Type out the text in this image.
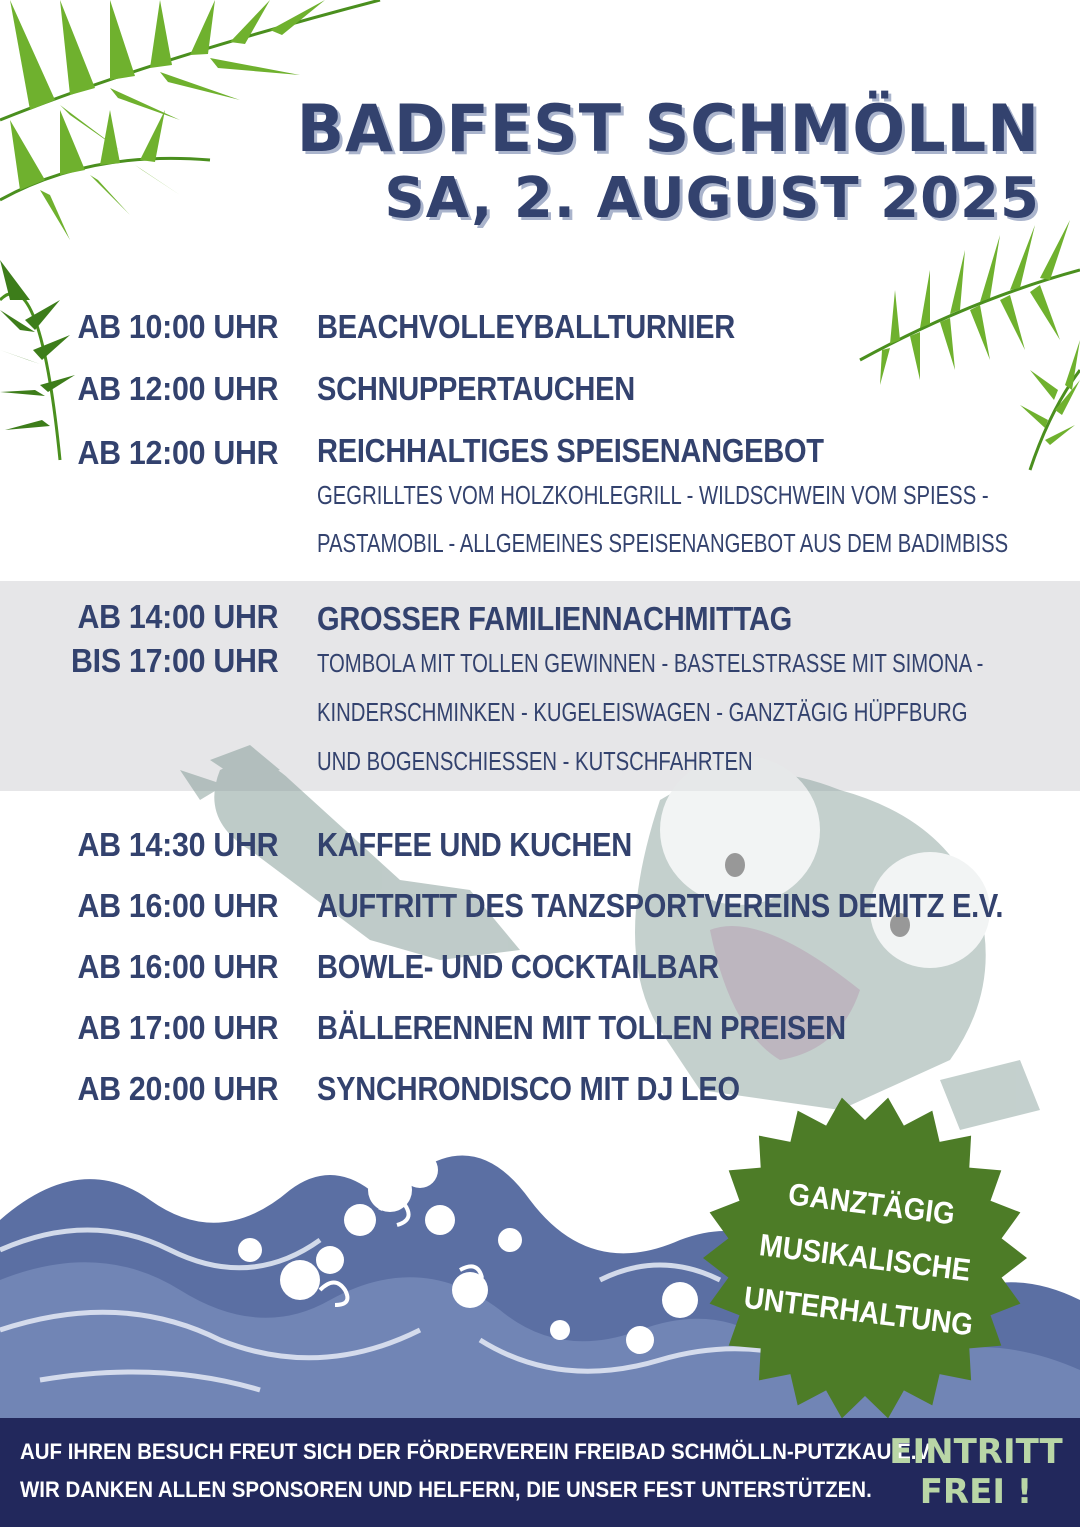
BADFEST SCHMÖLLN
SA, 2. AUGUST 2025
AB 10:00 UHR BEACHVOLLEYBALLTURNIER
AB 12:00 UHR SCHNUPPERTAUCHEN
AB 12:00 UHR REICHHALTIGES SPEISENANGEBOT
GEGRILLTES VOM HOLZKOHLEGRILL - WILDSCHWEIN VOM SPIESS -
PASTAMOBIL - ALLGEMEINES SPEISENANGEBOT AUS DEM BADIMBISS
AB 14:00 UHR
BIS 17:00 UHR
GROSSER FAMILIENNACHMITTAG
TOMBOLA MIT TOLLEN GEWINNEN - BASTELSTRASSE MIT SIMONA -
KINDERSCHMINKEN - KUGELEISWAGEN - GANZTÄGIG HÜPFBURG
UND BOGENSCHIESSEN - KUTSCHFAHRTEN
AB 14:30 UHR KAFFEE UND KUCHEN
AB 16:00 UHR AUFTRITT DES TANZSPORTVEREINS DEMITZ E.V.
AB 16:00 UHR BOWLE- UND COCKTAILBAR
AB 17:00 UHR BÄLLERENNEN MIT TOLLEN PREISEN
AB 20:00 UHR SYNCHRONDISCO MIT DJ LEO
GANZTÄGIG
MUSIKALISCHE
UNTERHALTUNG
AUF IHREN BESUCH FREUT SICH DER FÖRDERVEREIN FREIBAD SCHMÖLLN-PUTZKAU E.V.
WIR DANKEN ALLEN SPONSOREN UND HELFERN, DIE UNSER FEST UNTERSTÜTZEN.
EINTRITT
FREI !
